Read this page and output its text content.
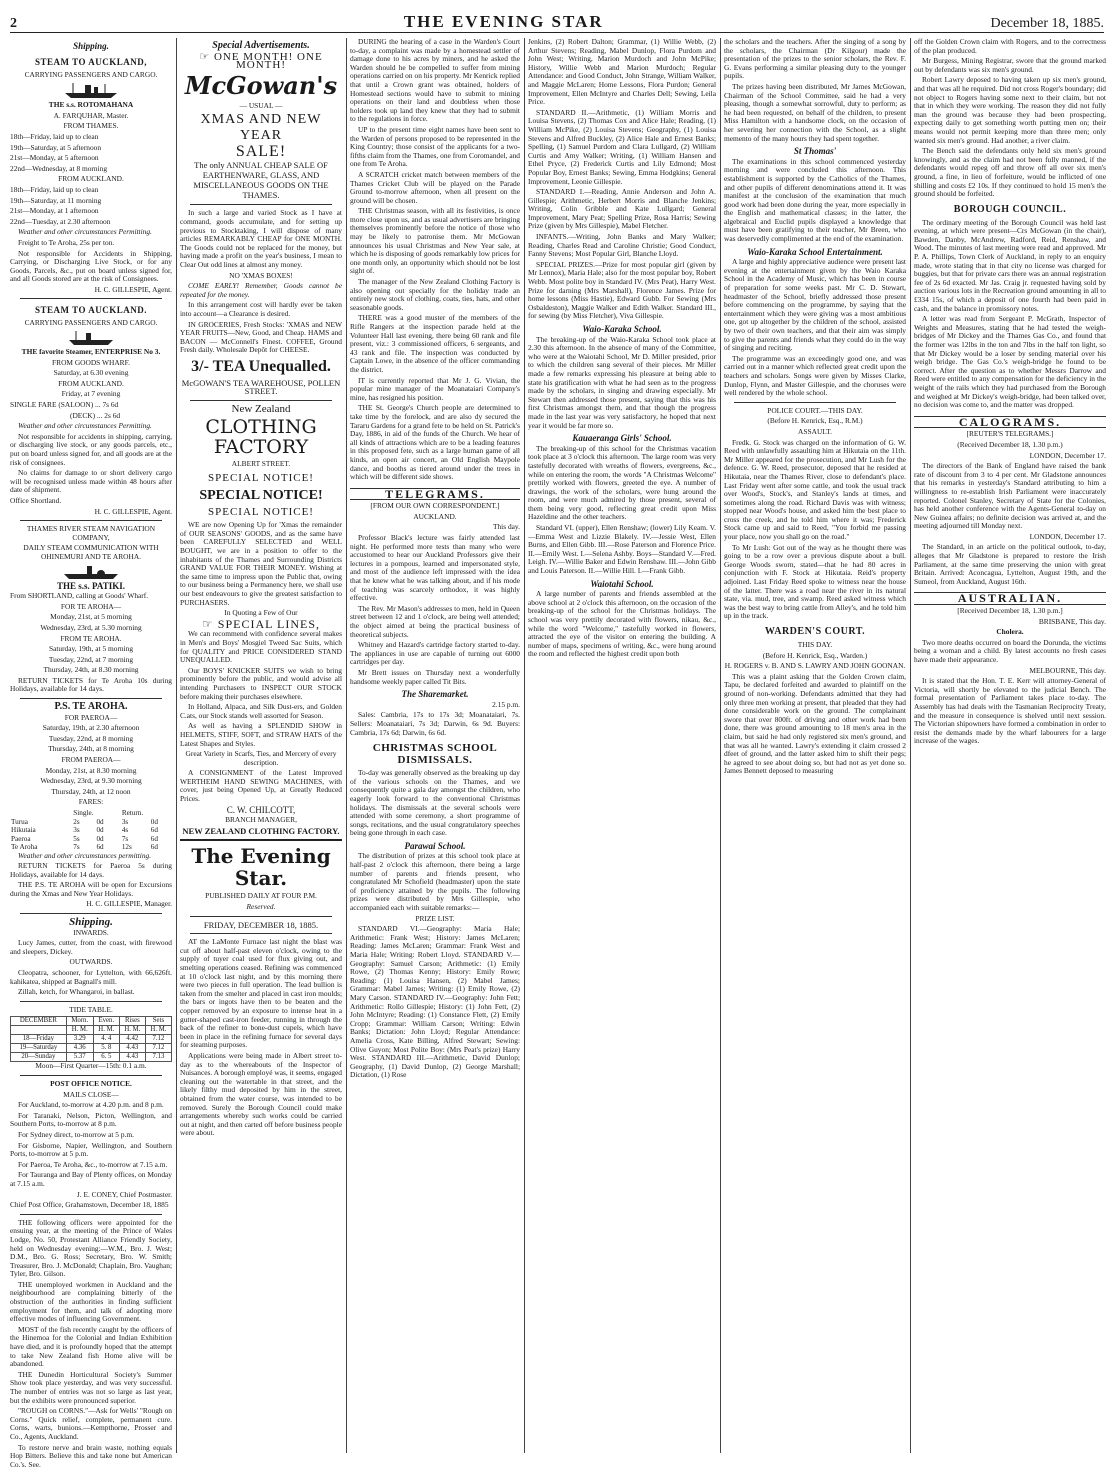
2	THE EVENING STAR	December 18, 1885.
Shipping.
STEAM TO AUCKLAND,

CARRYING PASSENGERS AND CARGO.

THE s.s. ROTOMAHANA

A. FARQUHAR, Master.

FROM THAMES.

18th—Friday, laid up to clean

19th—Saturday, at 5 afternoon

21st—Monday, at 5 afternoon

22nd—Wednesday, at 8 morning

FROM AUCKLAND.

18th—Friday, laid up to clean

19th—Saturday, at 11 morning

21st—Monday, at 1 afternoon

22nd—Tuesday, at 2.30 afternoon

Weather and other circumstances Permitting.

Freight to Te Aroha, 25s per ton.

Not responsible for Accidents in Shipping, Carrying, or Discharging Live Stock, or for any Goods, Parcels, &c., put on board unless signed for, and all Goods stored are at the risk of Consignees.

H. C. GILLESPIE, Agent.

STEAM TO AUCKLAND.

CARRYING PASSENGERS AND CARGO.

THE favorite Steamer, ENTERPRISE No 3.

FROM GOODS WHARF.

Saturday, at 6.30 evening

FROM AUCKLAND.

Friday, at 7 evening

SINGLE FARE (SALOON) ... 7s 6d

(DECK) ... 2s 6d

Weather and other circumstances Permitting.

Not responsible for accidents in shipping, carrying, or discharging live stock, or any goods parcels, etc., put on board unless signed for, and all goods are at the risk of consignees.

No claims for damage to or short delivery cargo will be recognised unless made within 48 hours after date of shipment.

Office Shortland.

H. C. GILLESPIE, Agent.

THAMES RIVER STEAM NAVIGATION COMPANY,

DAILY STEAM COMMUNICATION WITH OHINEMURI AND TE AROHA.

THE s.s. PATIKI.

From SHORTLAND, calling at Goods' Wharf.

FOR TE AROHA—

Monday, 21st, at 5 morning

Wednesday, 23rd, at 5.30 morning

FROM TE AROHA.

Saturday, 19th, at 5 morning

Tuesday, 22nd, at 7 morning

Thursday, 24th, at 8.30 morning

RETURN TICKETS for Te Aroha 10s during Holidays, available for 14 days.

P.S. TE AROHA.

FOR PAEROA—

Saturday, 19th, at 2.30 afternoon

Tuesday, 22nd, at 8 morning

Thursday, 24th, at 8 morning

FROM PAEROA—

Monday, 21st, at 8.30 morning

Wednesday, 23rd, at 9.30 morning

Thursday, 24th, at 12 noon

FARES:

	Single.		Return.	
Turua	2s	0d	3s	0d
Hikutaia	3s	0d	4s	6d
Paeroa	5s	0d	7s	6d
Te Aroha	7s	6d	12s	6d

Weather and other circumstances permitting.

RETURN TICKETS for Paeroa 5s during Holidays, available for 14 days.

THE P.S. TE AROHA will be open for Excursions during the Xmas and New Year Holidays.

H. C. GILLESPIE, Manager.

Shipping.

INWARDS.

Lucy James, cutter, from the coast, with firewood and sleepers, Dickey.

OUTWARDS.

Cleopatra, schooner, for Lyttelton, with 66,626ft. kahikatea, shipped at Bagnall's mill.

Zillah, ketch, for Whangaroi, in ballast.

TIDE TABLE.

DECEMBER	Morn.	Even.	Rises	Sets
	H. M.	H. M.	H. M.	H. M.
18—Friday	3.29	4. 4	4.42	7.12
19—Saturday	4.36	5. 8	4.43	7.12
20—Sunday	5.37	6. 5	4.43	7.13

Moon—First Quarter—15th: 0.1 a.m.

POST OFFICE NOTICE.

MAILS CLOSE—

For Auckland, to-morrow at 4.20 p.m. and 8 p.m.

For Taranaki, Nelson, Picton, Wellington, and Southern Ports, to-morrow at 8 p.m.

For Sydney direct, to-morrow at 5 p.m.

For Gisborne, Napier, Wellington, and Southern Ports, to-morrow at 5 p.m.

For Paeroa, Te Aroha, &c., to-morrow at 7.15 a.m.

For Tauranga and Bay of Plenty offices, on Monday at 7.15 a.m.

J. E. CONEY, Chief Postmaster.

Chief Post Office, Grahamstown, December 18, 1885

THE following officers were appointed for the ensuing year, at the meeting of the Prince of Wales Lodge, No. 50, Protestant Alliance Friendly Society, held on Wednesday evening:—W.M., Bro. J. West; D.M., Bro. G. Ross; Secretary, Bro. W. Smith; Treasurer, Bro. J. McDonald; Chaplain, Bro. Vaughan; Tyler, Bro. Gilson.

THE unemployed workmen in Auckland and the neighbourhood are complaining bitterly of the obstruction of the authorities in finding sufficient employment for them, and talk of adopting more effective modes of influencing Government.

MOST of the fish recently caught by the officers of the Hinemoa for the Colonial and Indian Exhibition have died, and it is profoundly hoped that the attempt to take New Zealand fish Home alive will be abandoned.

THE Dunedin Horticultural Society's Summer Show took place yesterday, and was very successful. The number of entries was not so large as last year, but the exhibits were pronounced superior.

"ROUGH on CORNS."—Ask for Wells' "Rough on Corns." Quick relief, complete, permanent cure. Corns, warts, bunions.—Kempthorne, Prosser and Co., Agents, Auckland.

To restore nerve and brain waste, nothing equals Hop Bitters. Believe this and take none but American Co.'s. See.

Special Advertisements.
☞ ONE MONTH! ONE MONTH!
McGowan's

— USUAL —

XMAS AND NEW YEAR
SALE!

The only ANNUAL CHEAP SALE OF EARTHENWARE, GLASS, AND MISCELLANEOUS GOODS ON THE THAMES.

In such a large and varied Stock as I have at command, goods accumulate, and for setting up previous to Stocktaking, I will dispose of many articles REMARKABLY CHEAP for ONE MONTH. The Goods could not be replaced for the money, but having made a profit on the year's business, I mean to Clear Out odd lines at almost any money.

NO 'XMAS BOXES!

COME EARLY! Remember, Goods cannot be repeated for the money.

In this arrangement cost will hardly ever be taken into account—a Clearance is desired.

IN GROCERIES, Fresh Stocks: 'XMAS and NEW YEAR FRUITS—New, Good, and Cheap. HAMS and BACON — McConnell's Finest. COFFEE, Ground Fresh daily. Wholesale Depôt for CHEESE.

3/- TEA Unequalled.

McGOWAN'S TEA WAREHOUSE, POLLEN STREET.

New Zealand

CLOTHING FACTORY

ALBERT STREET.

SPECIAL NOTICE!
SPECIAL NOTICE!
SPECIAL NOTICE!

WE are now Opening Up for 'Xmas the remainder of OUR SEASONS' GOODS, and as the same have been CAREFULLY SELECTED and WELL BOUGHT, we are in a position to offer to the inhabitants of the Thames and Surrounding Districts GRAND VALUE FOR THEIR MONEY. Wishing at the same time to impress upon the Public that, owing to our business being a Permanency here, we shall use our best endeavours to give the greatest satisfaction to PURCHASERS.

In Quoting a Few of Our

☞ SPECIAL LINES,

We can recommend with confidence several makes in Men's and Boys' Mosgiel Tweed Sac Suits, which for QUALITY and PRICE CONSIDERED STAND UNEQUALLED.

Our BOYS' KNICKER SUITS we wish to bring prominently before the public, and would advise all intending Purchasers to INSPECT OUR STOCK before making their purchases elsewhere.

In Holland, Alpaca, and Silk Dust-ers, and Golden C.ats, our Stock stands well assorted for Season.

As well as having a SPLENDID SHOW in HELMETS, STIFF, SOFT, and STRAW HATS of the Latest Shapes and Styles.

Great Variety in Scarfs, Ties, and Mercery of every description.

A CONSIGNMENT of the Latest Improved WERTHEIM HAND SEWING MACHINES, with cover, just being Opened Up, at Greatly Reduced Prices.

C. W. CHILCOTT,

BRANCH MANAGER,

NEW ZEALAND CLOTHING FACTORY.

The Evening Star.

PUBLISHED DAILY AT FOUR P.M.

Reserved.

FRIDAY, DECEMBER 18, 1885.

AT the LaMonte Furnace last night the blast was cut off about half-past eleven o'clock, owing to the supply of tuyer coal used for flux giving out, and smelting operations ceased. Refining was commenced at 10 o'clock last night, and by this morning there were two pieces in full operation. The lead bullion is taken from the smelter and placed in cast iron moulds; the bars or ingots have then to be beaten and the copper removed by an exposure to intense heat in a gutter-shaped cast-iron feeder, running in through the back of the refiner to bone-dust cupels, which have been in place in the refining furnace for several days for steaming purposes.

Applications were being made in Albert street to-day as to the whereabouts of the Inspector of Nuisances. A borough employé was, it seems, engaged cleaning out the watertable in that street, and the likely filthy mud deposited by him in the street, obtained from the water course, was intended to be removed. Surely the Borough Council could make arrangements whereby such works could be carried out at night, and then carted off before business people were about.

DURING the hearing of a case in the Warden's Court to-day, a complaint was made by a homestead settler of damage done to his acres by miners, and he asked the Warden should he be compelled to suffer from mining operations carried on on his property. Mr Kenrick replied that until a Crown grant was obtained, holders of Homestead sections would have to submit to mining operations on their land and doubtless when those holders took up land they knew that they had to submit to the regulations in force.

UP to the present time eight names have been sent to the Warden of persons proposed to be represented in the King Country; those consist of the applicants for a two-fifths claim from the Thames, one from Coromandel, and one from Te Aroha.

A SCRATCH cricket match between members of the Thames Cricket Club will be played on the Parade Ground to-morrow afternoon, when all present on the ground will be chosen.

THE Christmas season, with all its festivities, is once more close upon us, and as usual advertisers are bringing themselves prominently before the notice of those who may be likely to patronise them. Mr McGowan announces his usual Christmas and New Year sale, at which he is disposing of goods remarkably low prices for one month only, an opportunity which should not be lost sight of.

The manager of the New Zealand Clothing Factory is also opening out specially for the holiday trade an entirely new stock of clothing, coats, ties, hats, and other seasonable goods.

THERE was a good muster of the members of the Rifle Rangers at the inspection parade held at the Volunteer Hall last evening, there being 60 rank and file present, viz.: 3 commissioned officers, 6 sergeants, and 43 rank and file. The inspection was conducted by Captain Lowe, in the absence of the officer commanding the district.

IT is currently reported that Mr J. G. Vivian, the popular mine manager of the Moanataiari Company's mine, has resigned his position.

THE St. George's Church people are determined to take time by the forelock, and are also dy secured the Tararu Gardens for a grand fete to be held on St. Patrick's Day, 1886, in aid of the funds of the Church. We hear of all kinds of attractions which are to be a leading features in this proposed fete, such as a large human game of all kinds, an open air concert, an Old English Maypole dance, and booths as tiered around under the trees in which will be different side shows.

TELEGRAMS.

[FROM OUR OWN CORRESPONDENT.]

AUCKLAND.

This day.

Professor Black's lecture was fairly attended last night. He performed more tests than many who were accustomed to hear our Auckland Professors give their lectures in a pompous, learned and impersonated style, and most of the audience left impressed with the idea that he knew what he was talking about, and if his mode of teaching was scarcely orthodox, it was highly effective.

The Rev. Mr Mason's addresses to men, held in Queen street between 12 and 1 o'clock, are being well attended; the object aimed at being the practical business of theoretical subjects.

Whitney and Hazard's cartridge factory started to-day. The appliances in use are capable of turning out 6000 cartridges per day.

Mr Brett issues on Thursday next a wonderfully handsome weekly paper called Tit Bits.

The Sharemarket.

2.15 p.m.

Sales: Cambria, 17s to 17s 3d; Moanataiari, 7s. Sellers: Moanataiari, 7s 3d; Darwin, 6s 9d. Buyers: Cambria, 17s 6d; Darwin, 6s 6d.

CHRISTMAS SCHOOL DISMISSALS.

To-day was generally observed as the breaking up day of the various schools on the Thames, and we consequently quite a gala day amongst the children, who eagerly look forward to the conventional Christmas holidays. The dismissals at the several schools were attended with some ceremony, a short programme of songs, recitations, and the usual congratulatory speeches being gone through in each case.

Parawai School.

The distribution of prizes at this school took place at half-past 2 o'clock this afternoon, there being a large number of parents and friends present, who congratulated Mr Schofield (headmaster) upon the state of proficiency attained by the pupils. The following prizes were distributed by Mrs Gillespie, who accompanied each with suitable remarks:—

PRIZE LIST.

STANDARD VI.—Geography: Maria Hale; Arithmetic: Frank West; History: James McLaren; Reading: James McLaren; Grammar: Frank West and Maria Hale; Writing: Robert Lloyd. STANDARD V.—Geography: Samuel Carson; Arithmetic: (1) Emily Rowe, (2) Thomas Kenny; History: Emily Rowe; Reading: (1) Louisa Hansen, (2) Mabel James; Grammar: Mabel James; Writing: (1) Emily Rowe, (2) Mary Carson. STANDARD IV.—Geography: John Fett; Arithmetic: Rollo Gillespie; History: (1) John Fett, (2) John McIntyre; Reading: (1) Constance Flett, (2) Emily Cropp; Grammar: William Carson; Writing: Edwin Banks; Dictation: John Lloyd; Regular Attendance: Amelia Cross, Kate Billing, Alfred Stewart; Sewing: Olive Guyon; Most Polite Boy: (Mrs Peat's prize) Harry West. STANDARD III.—Arithmetic, David Dunlop; Geography, (1) David Dunlop, (2) George Marshall; Dictation, (1) Rose

Jenkins, (2) Robert Dalton; Grammar, (1) Willie Webb, (2) Arthur Stevens; Reading, Mabel Dunlop, Flora Purdom and John West; Writing, Marion Murdoch and John McPike; History, Willie Webb and Marion Murdoch; Regular Attendance: and Good Conduct, John Strange, William Walker, and Maggie McLaren; Home Lessons, Flora Purdon; General Improvement, Ellen McIntyre and Charles Dell; Sewing, Leila Price.

STANDARD II.—Arithmetic, (1) William Morris and Louisa Stevens, (2) Thomas Cox and Alice Hale; Reading, (1) William McPike, (2) Louisa Stevens; Geography, (1) Louisa Stevens and Alfred Buckley, (2) Alice Hale and Ernest Banks; Spelling, (1) Samuel Purdom and Clara Lullgard, (2) William Curtis and Amy Walker; Writing, (1) William Hansen and Ethel Pryce, (2) Frederick Curtis and Lily Edmond; Most Popular Boy, Ernest Banks; Sewing, Emma Hodgkins; General Improvement, Leonie Gillespie.

STANDARD I.—Reading, Annie Anderson and John A. Gillespie; Arithmetic, Herbert Morris and Blanche Jenkins; Writing, Colin Gribble and Kate Lullgard; General Improvement, Mary Peat; Spelling Prize, Rosa Harris; Sewing Prize (given by Mrs Gillespie), Mabel Fletcher.

INFANTS.—Writing, John Banks and Mary Walker; Reading, Charles Read and Caroline Christie; Good Conduct, Fanny Stevens; Most Popular Girl, Blanche Lloyd.

SPECIAL PRIZES.—Prize for most popular girl (given by Mr Lennox), Maria Hale; also for the most popular boy, Robert Webb. Most polite boy in Standard IV. (Mrs Peat), Harry West. Prize for darning (Mrs Marshall), Florence James. Prize for home lessons (Miss Hastie), Edward Gubb. For Sewing (Mrs Osbaldeston), Maggie Walker and Edith Walker. Standard III., for sewing (by Miss Fletcher), Viva Gillespie.

Waio-Karaka School.

The breaking-up of the Waio-Karaka School took place at 2.30 this afternoon. In the absence of many of the Committee, who were at the Waiotahi School, Mr D. Miller presided, prior to which the children sang several of their pieces. Mr Miller made a few remarks expressing his pleasure at being able to state his gratification with what he had seen as to the progress made by the scholars, in singing and drawing especially. Mr Stewart then addressed those present, saying that this was his first Christmas amongst them, and that though the progress made in the last year was very satisfactory, he hoped that next year it would be far more so.

Kauaeranga Girls' School.

The breaking-up of this school for the Christmas vacation took place at 3 o'clock this afternoon. The large room was very tastefully decorated with wreaths of flowers, evergreens, &c., while on entering the room, the words "A Christmas Welcome" prettily worked with flowers, greeted the eye. A number of drawings, the work of the scholars, were hung around the room, and were much admired by those present, several of them being very good, reflecting great credit upon Miss Hazeldine and the other teachers.

Standard VI. (upper), Ellen Renshaw; (lower) Lily Keam. V.—Emma West and Lizzie Blakely. IV.—Jessie West, Ellen Burns, and Ellen Gibb. III.—Rose Paterson and Florence Price. II.—Emily West. I.—Selena Ashby. Boys—Standard V.—Fred. Leigh. IV.—Willie Baker and Edwin Renshaw. III.—John Gibb and Louis Paterson. II.—Willie Hill. I.—Frank Gibb.

Waiotahi School.

A large number of parents and friends assembled at the above school at 2 o'clock this afternoon, on the occasion of the breaking-up of the school for the Christmas holidays. The school was very prettily decorated with flowers, nikau, &c., while the word "Welcome," tastefully worked in flowers, attracted the eye of the visitor on entering the building. A number of maps, specimens of writing, &c., were hung around the room and reflected the highest credit upon both

the scholars and the teachers. After the singing of a song by the scholars, the Chairman (Dr Kilgour) made the presentation of the prizes to the senior scholars, the Rev. F. G. Evans performing a similar pleasing duty to the younger pupils.

The prizes having been distributed, Mr James McGowan, Chairman of the School Committee, said he had a very pleasing, though a somewhat sorrowful, duty to perform; as he had been requested, on behalf of the children, to present Miss Hamilton with a handsome clock, on the occasion of her severing her connection with the School, as a slight memento of the many hours they had spent together.

St Thomas'

The examinations in this school commenced yesterday morning and were concluded this afternoon. This establishment is supported by the Catholics of the Thames, and other pupils of different denominations attend it. It was manifest at the conclusion of the examination that much good work had been done during the year, more especially in the English and mathematical classes; in the latter, the algebraical and Euclid pupils displayed a knowledge that must have been gratifying to their teacher, Mr Breen, who was deservedly complimented at the end of the examination.

Waio-Karaka School Entertainment.

A large and highly appreciative audience were present last evening at the entertainment given by the Waio Karaka School in the Academy of Music, which has been in course of preparation for some weeks past. Mr C. D. Stewart, headmaster of the School, briefly addressed those present before commencing on the programme, by saying that the entertainment which they were giving was a most ambitious one, got up altogether by the children of the school, assisted by two of their own teachers, and that their aim was simply to give the parents and friends what they could do in the way of singing and reciting.

The programme was an exceedingly good one, and was carried out in a manner which reflected great credit upon the teachers and scholars. Songs were given by Misses Clarke, Dunlop, Flynn, and Master Gillespie, and the choruses were well rendered by the whole school.

POLICE COURT.—THIS DAY.

(Before H. Kenrick, Esq., R.M.)

ASSAULT.

Fredk. G. Stock was charged on the information of G. W. Reed with unlawfully assaulting him at Hikutaia on the 11th. Mr Miller appeared for the prosecution, and Mr Lush for the defence. G. W. Reed, prosecutor, deposed that he resided at Hikutaia, near the Thames River, close to defendant's place. Last Friday went after some cattle, and took the usual track over Wood's, Stock's, and Stanley's lands at times, and sometimes along the road. Richard Davis was with witness; stopped near Wood's house, and asked him the best place to cross the creek, and he told him where it was; Frederick Stock came up and said to Reed, "You forbid me passing your place, now you shall go on the road."

To Mr Lush: Got out of the way as he thought there was going to be a row over a previous dispute about a bull. George Woods sworn, stated—that he had 80 acres in conjunction with F. Stock at Hikutaia. Reid's property adjoined. Last Friday Reed spoke to witness near the house of the latter. There was a road near the river in its natural state, via. mud, tree, and swamp. Reed asked witness which was the best way to bring cattle from Alley's, and he told him up in the track.

WARDEN'S COURT.

THIS DAY.

(Before H. Kenrick, Esq., Warden.)

H. ROGERS v. B. AND S. LAWRY AND JOHN GOONAN.

This was a plaint asking that the Golden Crown claim, Tapu, be declared forfeited and awarded to plaintiff on the ground of non-working. Defendants admitted that they had only three men working at present, that pleaded that they had done considerable work on the ground. The complainant swore that over 800ft. of driving and other work had been done, there was ground amounting to 18 men's area in the claim, but said he had only registered six men's ground, and that was all he wanted. Lawry's extending it claim crossed 2 dfeet of ground, and the latter asked him to shift their pegs; he agreed to see about doing so, but had not as yet done so. James Bennett deposed to measuring

off the Golden Crown claim with Rogers, and to the correctness of the plan produced.

Mr Burgess, Mining Registrar, swore that the ground marked out by defendants was six men's ground.

Robert Lawry deposed to having taken up six men's ground, and that was all he required. Did not cross Roger's boundary; did not object to Rogers having some next to their claim, but not that in which they were working. The reason they did not fully man the ground was because they had been prospecting, expecting daily to get something worth putting men on; their means would not permit keeping more than three men; only wanted six men's ground. Had another, a river claim.

The Bench said the defendants only held six men's ground knowingly, and as the claim had not been fully manned, if the defendants would repeg off and throw off all over six men's ground, a fine, in lieu of forfeiture, would be inflicted of one shilling and costs £2 10s. If they continued to hold 15 men's the ground should be forfeited.

BOROUGH COUNCIL.

The ordinary meeting of the Borough Council was held last evening, at which were present—Crs McGowan (in the chair), Bawden, Danby, McAndrew, Radford, Reid, Renshaw, and Wood. The minutes of last meeting were read and approved. Mr P. A. Phillips, Town Clerk of Auckland, in reply to an enquiry made, wrote stating that in that city no license was charged for buggies, but that for private cars there was an annual registration fee of 2s 6d exacted. Mr Jas. Craig jr. requested having sold by auction various lots in the Recreation ground amounting in all to £334 15s, of which a deposit of one fourth had been paid in cash, and the balance in promissory notes.

A letter was read from Sergeant P. McGrath, Inspector of Weights and Measures, stating that he had tested the weigh-bridges of Mr Dickey and the Thames Gas Co., and found that the former was 12lbs in the ton and 7lbs in the half ton light, so that Mr Dickey would be a loser by sending material over his weigh bridge. The Gas Co.'s weigh-bridge he found to be correct. After the question as to whether Messrs Darrow and Reed were entitled to any compensation for the deficiency in the weight of the rails which they had purchased from the Borough and weighed at Mr Dickey's weigh-bridge, had been talked over, no decision was come to, and the matter was dropped.

CALOGRAMS.

[REUTER'S TELEGRAMS.]

(Received December 18, 1.30 p.m.)

LONDON, December 17.

The directors of the Bank of England have raised the bank rate of discount from 3 to 4 per cent. Mr Gladstone announces that his remarks in yesterday's Standard attributing to him a willingness to re-establish Irish Parliament were inaccurately reported. Colonel Stanley, Secretary of State for the Colonies, has held another conference with the Agents-General to-day on New Guinea affairs; no definite decision was arrived at, and the meeting adjourned till Monday next.

LONDON, December 17.

The Standard, in an article on the political outlook, to-day, alleges that Mr Gladstone is prepared to restore the Irish Parliament, at the same time preserving the union with great Britain. Arrived: Aconcagua, Lyttelton, August 19th, and the Sumeol, from Auckland, August 16th.

AUSTRALIAN.

[Received December 18, 1.30 p.m.]

BRISBANE, This day.

Cholera.

Two more deaths occurred on board the Dorunda, the victims being a woman and a child. By latest accounts no fresh cases have made their appearance.

MELBOURNE, This day.

It is stated that the Hon. T. E. Kerr will attorney-General of Victoria, will shortly be elevated to the judicial Bench. The formal presentation of Parliament takes place to-day. The Assembly has had deals with the Tasmanian Reciprocity Treaty, and the measure in consequence is shelved until next session. The Victorian shipowners have formed a combination in order to resist the demands made by the wharf labourers for a large increase of the wages.
